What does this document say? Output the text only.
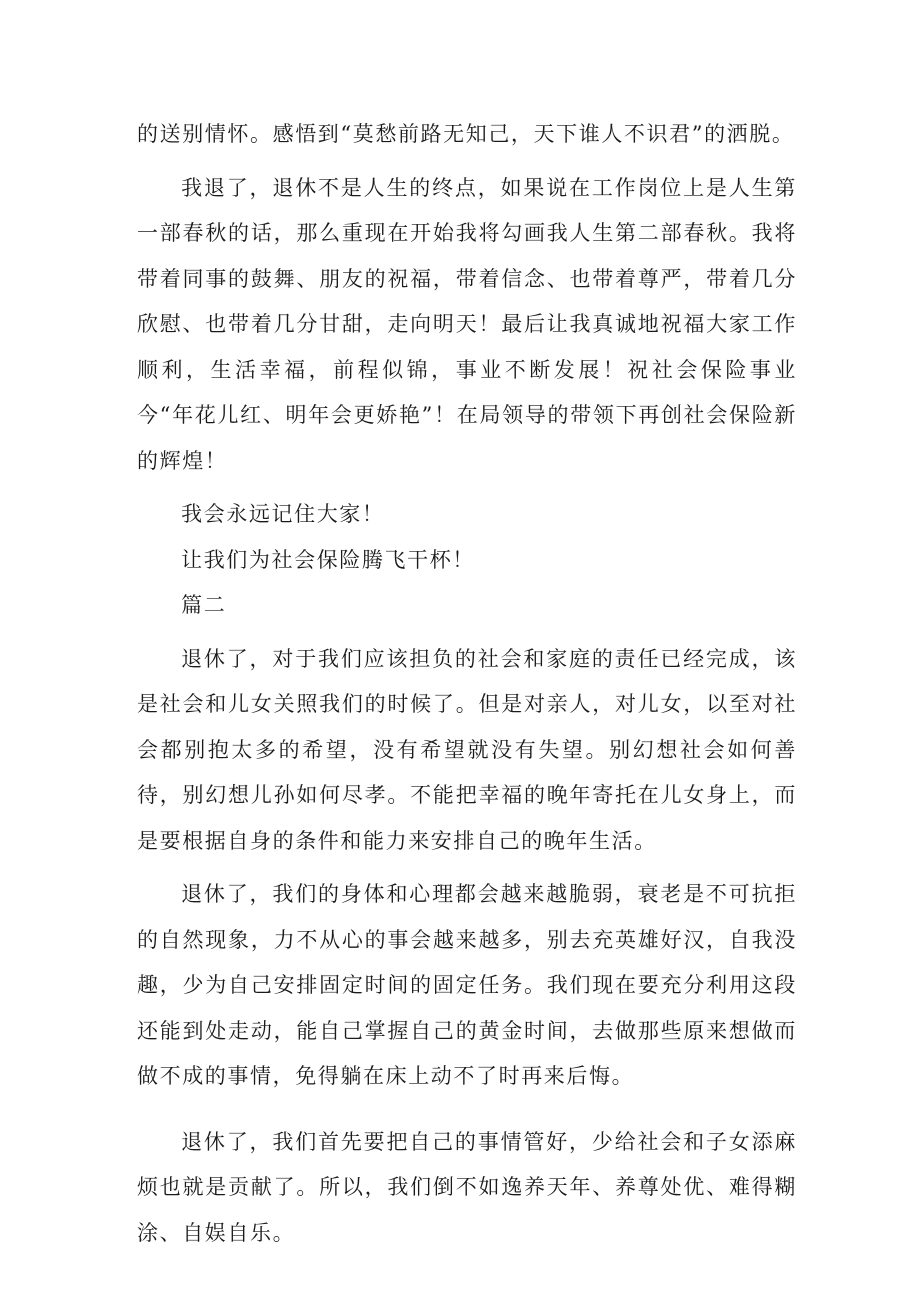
的送别情怀。感悟到“莫愁前路无知己，天下谁人不识君”的洒脱。

我退了，退休不是人生的终点，如果说在工作岗位上是人生第一部春秋的话，那么重现在开始我将勾画我人生第二部春秋。我将带着同事的鼓舞、朋友的祝福，带着信念、也带着尊严，带着几分欣慰、也带着几分甘甜，走向明天！最后让我真诚地祝福大家工作顺利，生活幸福，前程似锦，事业不断发展！祝社会保险事业今“年花儿红、明年会更娇艳”！在局领导的带领下再创社会保险新的辉煌！

我会永远记住大家！

让我们为社会保险腾飞干杯！

篇二

退休了，对于我们应该担负的社会和家庭的责任已经完成，该是社会和儿女关照我们的时候了。但是对亲人，对儿女，以至对社会都别抱太多的希望，没有希望就没有失望。别幻想社会如何善待，别幻想儿孙如何尽孝。不能把幸福的晚年寄托在儿女身上，而是要根据自身的条件和能力来安排自己的晚年生活。

退休了，我们的身体和心理都会越来越脆弱，衰老是不可抗拒的自然现象，力不从心的事会越来越多，别去充英雄好汉，自我没趣，少为自己安排固定时间的固定任务。我们现在要充分利用这段还能到处走动，能自己掌握自己的黄金时间，去做那些原来想做而做不成的事情，免得躺在床上动不了时再来后悔。

退休了，我们首先要把自己的事情管好，少给社会和子女添麻烦也就是贡献了。所以，我们倒不如逸养天年、养尊处优、难得糊涂、自娱自乐。
